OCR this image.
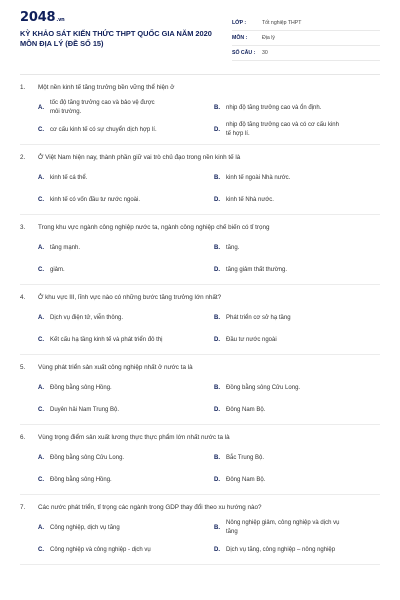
2048.vn
KỲ KHẢO SÁT KIẾN THỨC THPT QUỐC GIA NĂM 2020
MÔN ĐỊA LÝ (ĐỀ SỐ 15)
LỚP :	Tốt nghiệp THPT
MÔN :	Địa lý
SỐ CÂU :	30
1.	Một nền kinh tế tăng trưởng bền vững thể hiện ở
A.
tốc độ tăng trưởng cao và bảo vệ được
môi trường.
B.	nhịp độ tăng trưởng cao và ổn định.
C.	cơ cấu kinh tế có sự chuyển dịch hợp lí.	D.
nhịp độ tăng trưởng cao và có cơ cấu kinh
tế hợp lí.
2.	Ở Việt Nam hiện nay, thành phần giữ vai trò chủ đạo trong nền kinh tế là
A.	kinh tế cá thể.	B.	kinh tế ngoài Nhà nước.
C.	kinh tế có vốn đầu tư nước ngoài.	D.	kinh tế Nhà nước.
3.	Trong khu vực ngành công nghiệp nước ta, ngành công nghiệp chế biến có tỉ trọng
A.	tăng mạnh.	B.	tăng.
C.	giảm.	D.	tăng giảm thất thường.
4.	Ở khu vực III, lĩnh vực nào có những bước tăng trưởng lớn nhất?
A.	Dịch vụ điện tử, viễn thông.	B.	Phát triển cơ sở hạ tầng
C.	Kết cấu hạ tầng kinh tế và phát triển đô thị	D.	Đầu tư nước ngoài
5.	Vùng phát triển sản xuất công nghiệp nhất ở nước ta là
A.	Đồng bằng sông Hồng.	B.	Đồng bằng sông Cửu Long.
C.	Duyên hải Nam Trung Bộ.	D.	Đông Nam Bộ.
6.	Vùng trọng điểm sản xuất lương thực thực phẩm lớn nhất nước ta là
A.	Đồng bằng sông Cửu Long.	B.	Bắc Trung Bộ.
C.	Đồng bằng sông Hồng.	D.	Đông Nam Bộ.
7.	Các nước phát triển, tỉ trọng các ngành trong GDP thay đổi theo xu hướng nào?
A.	Công nghiệp, dịch vụ tăng	B.
Nông nghiệp giảm, công nghiệp và dịch vụ
tăng
C.	Công nghiệp và công nghiệp - dịch vụ	D.	Dịch vụ tăng, công nghiệp – nông nghiệp
